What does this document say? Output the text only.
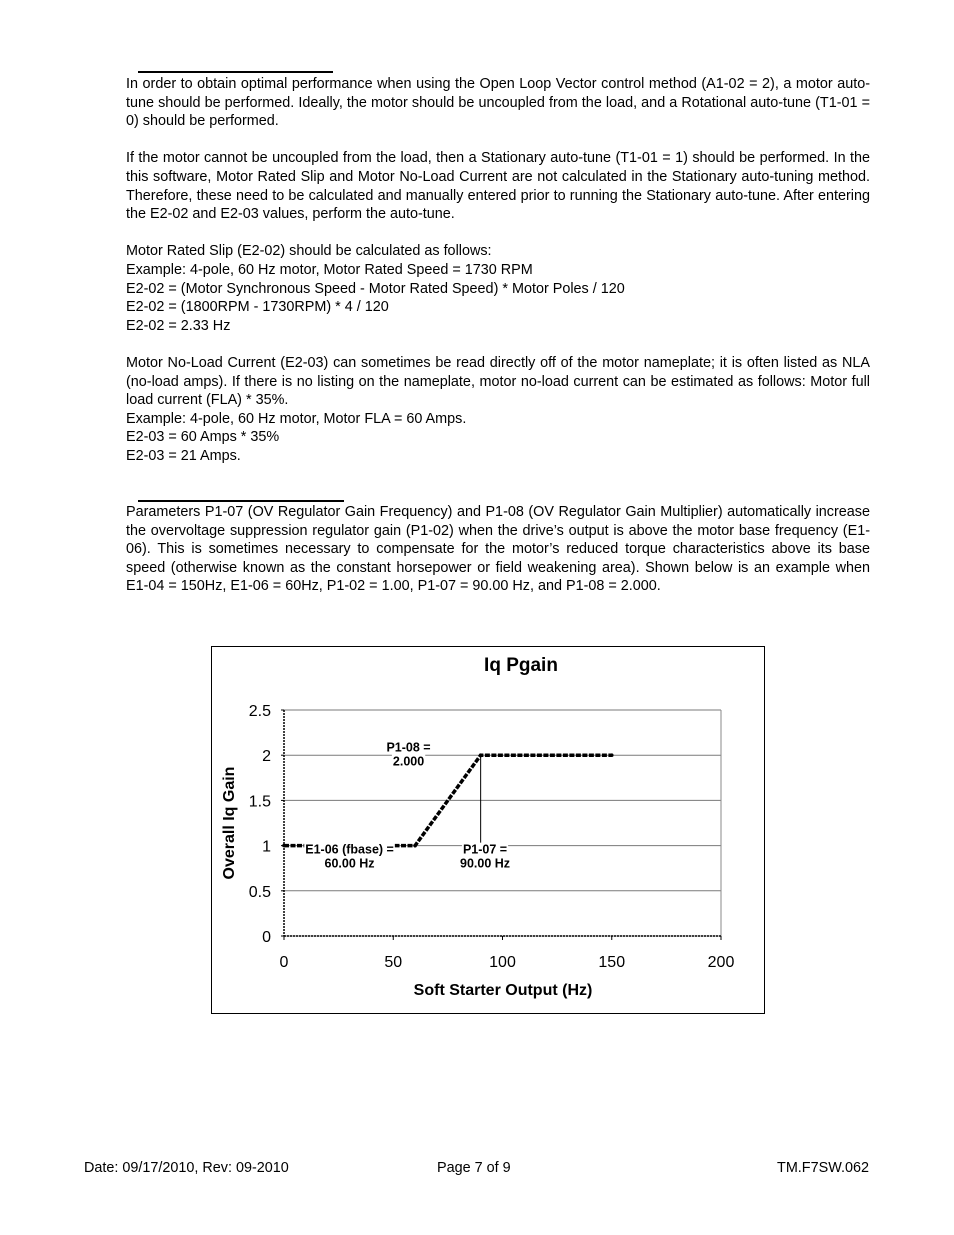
In order to obtain optimal performance when using the Open Loop Vector control method (A1-02 = 2), a motor auto-tune should be performed. Ideally, the motor should be uncoupled from the load, and a Rotational auto-tune (T1-01 = 0) should be performed.

If the motor cannot be uncoupled from the load, then a Stationary auto-tune (T1-01 = 1) should be performed. In the this software, Motor Rated Slip and Motor No-Load Current are not calculated in the Stationary auto-tuning method. Therefore, these need to be calculated and manually entered prior to running the Stationary auto-tune. After entering the E2-02 and E2-03 values, perform the auto-tune.

Motor Rated Slip (E2-02) should be calculated as follows:

Example: 4-pole, 60 Hz motor, Motor Rated Speed = 1730 RPM

E2-02 = (Motor Synchronous Speed - Motor Rated Speed) * Motor Poles / 120

E2-02 = (1800RPM - 1730RPM) * 4 / 120

E2-02 = 2.33 Hz

Motor No-Load Current (E2-03) can sometimes be read directly off of the motor nameplate; it is often listed as NLA (no-load amps). If there is no listing on the nameplate, motor no-load current can be estimated as follows: Motor full load current (FLA) * 35%.

Example: 4-pole, 60 Hz motor, Motor FLA = 60 Amps.

E2-03 = 60 Amps * 35%

E2-03 = 21 Amps.

Parameters P1-07 (OV Regulator Gain Frequency) and P1-08 (OV Regulator Gain Multiplier) automatically increase the overvoltage suppression regulator gain (P1-02) when the drive’s output is above the motor base frequency (E1-06). This is sometimes necessary to compensate for the motor’s reduced torque characteristics above its base speed (otherwise known as the constant horsepower or field weakening area). Shown below is an example when E1-04 = 150Hz, E1-06 = 60Hz, P1-02 = 1.00, P1-07 = 90.00 Hz, and P1-08 = 2.000.

0
0.5
1
1.5
2
2.5
0	50	100	150	200
Iq Pgain
Soft Starter Output (Hz)
Overall Iq Gain
P1-08 =
2.000
E1-06 (fbase) =
60.00 Hz
P1-07 =
90.00 Hz
Date: 09/17/2010, Rev: 09-2010	Page 7 of 9	TM.F7SW.062
